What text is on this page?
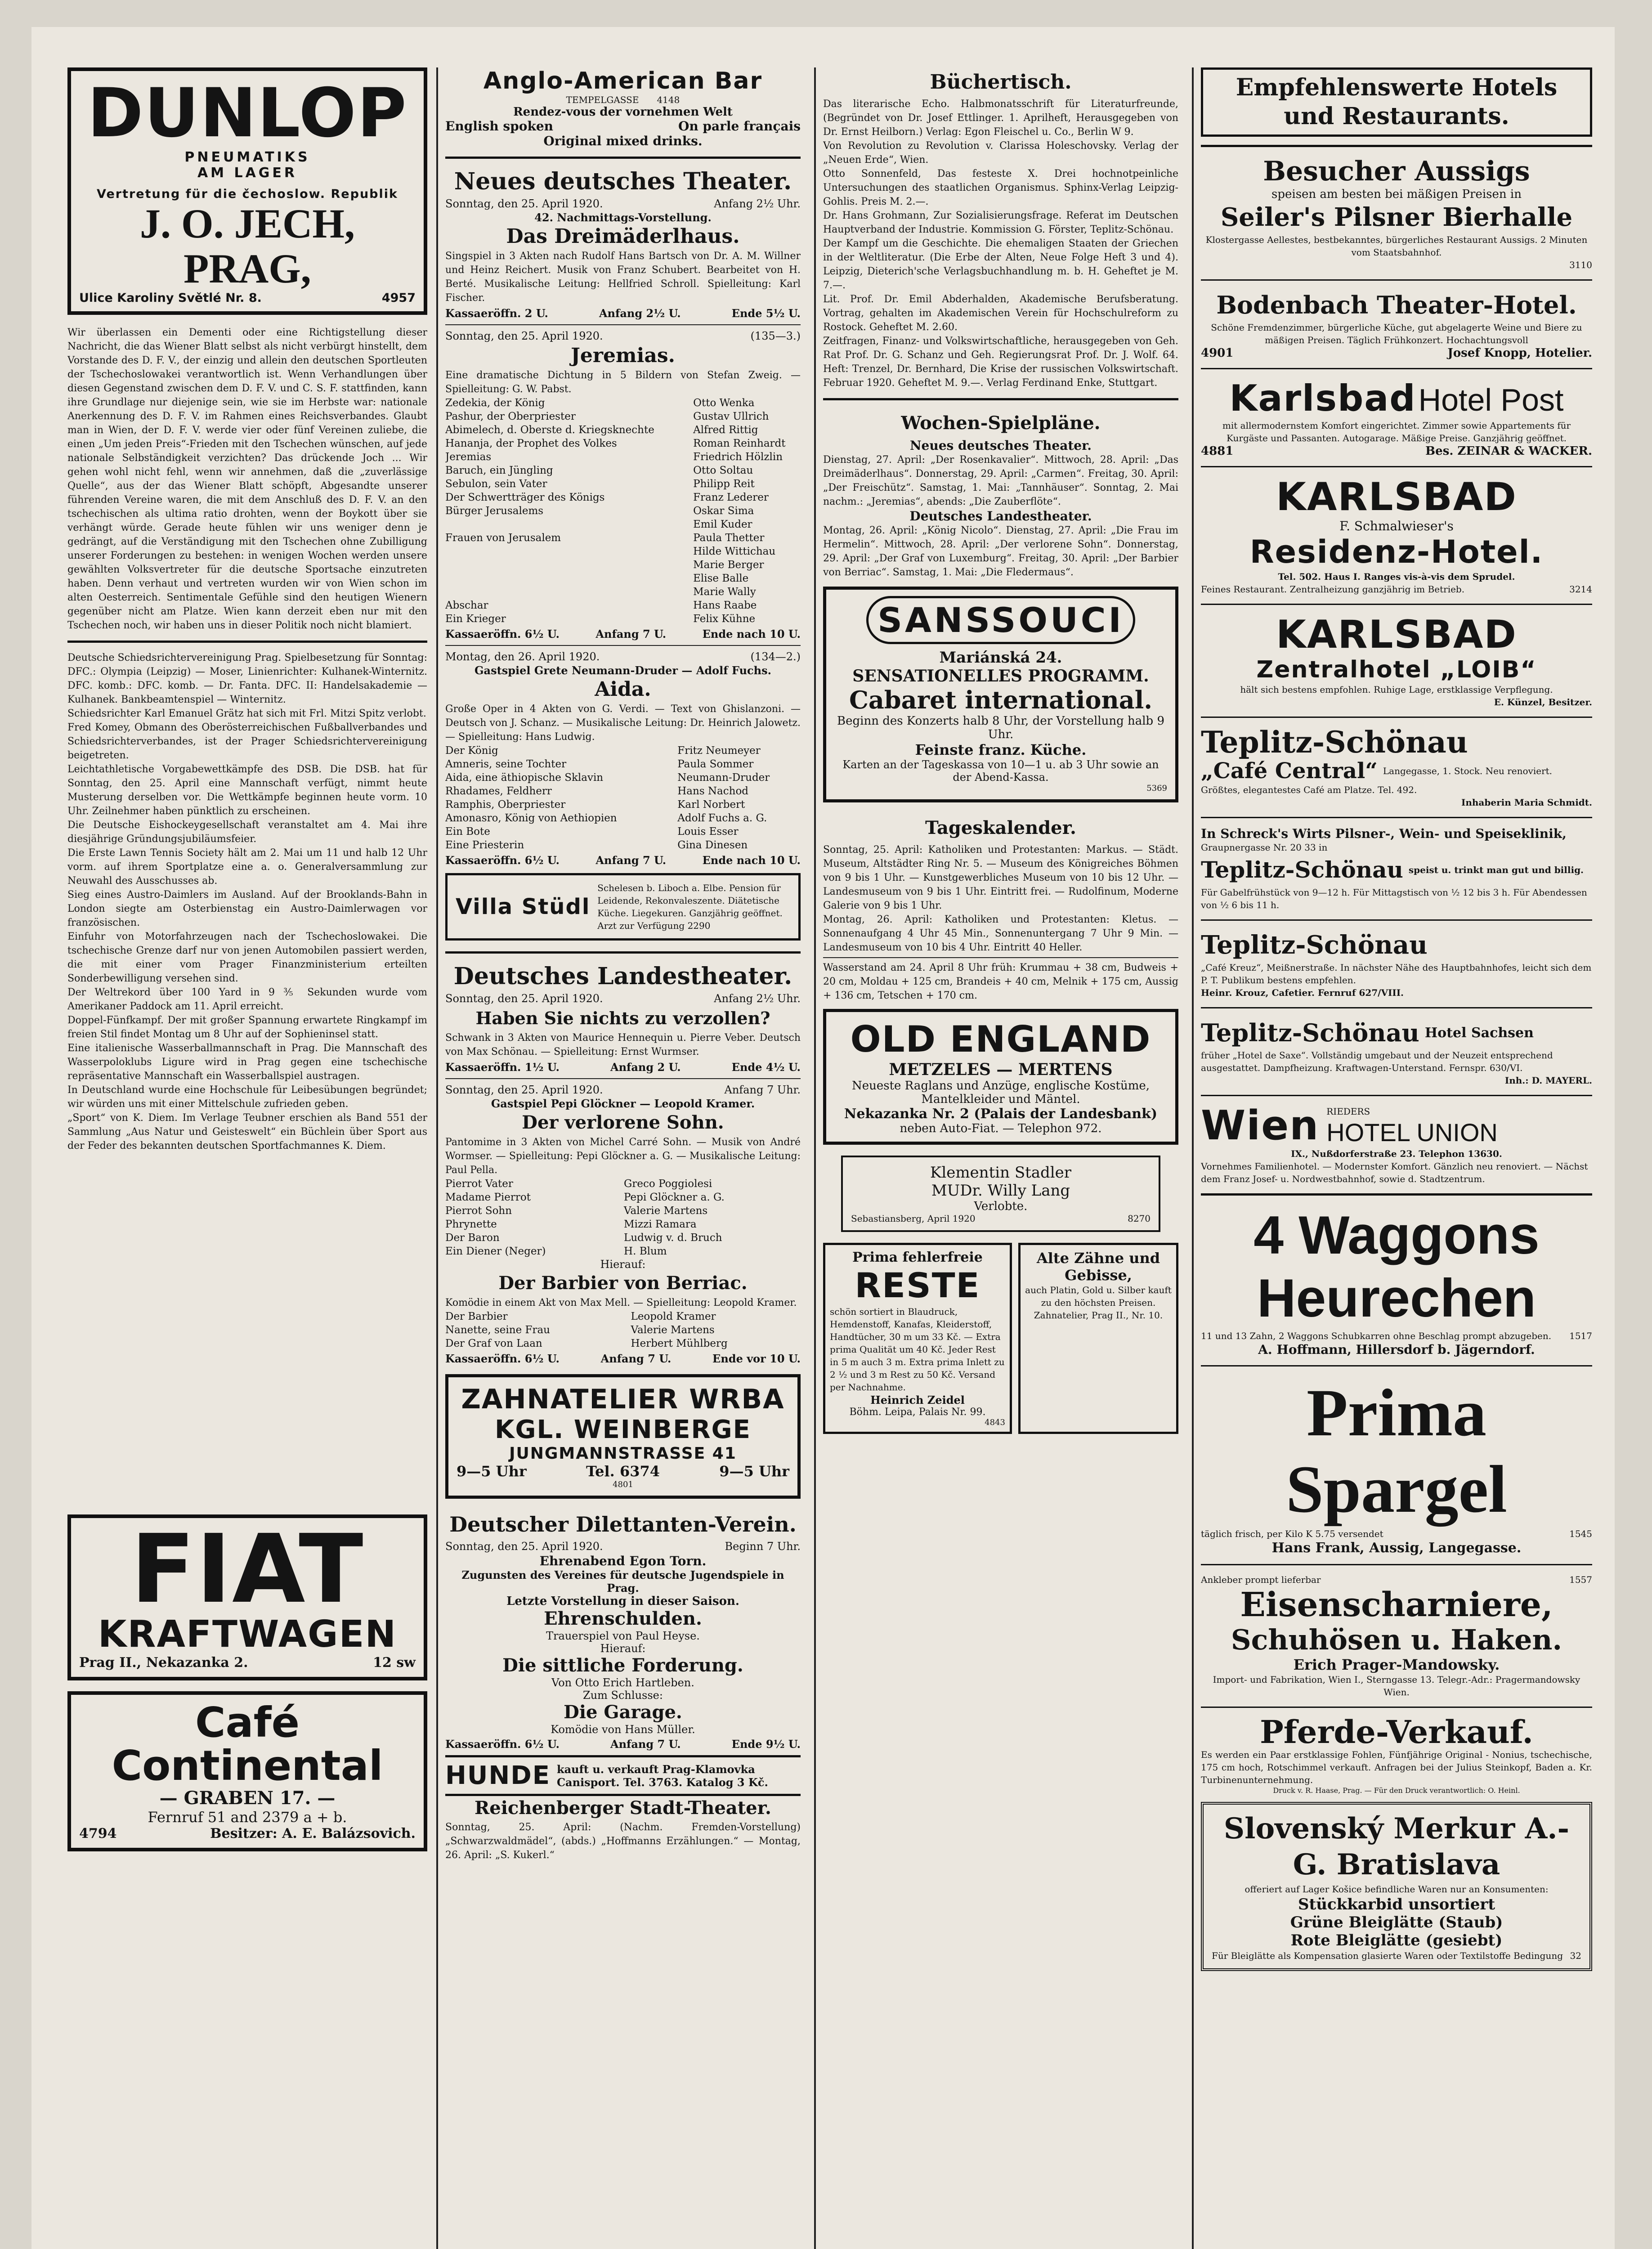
DUNLOP
PNEUMATIKS
AM LAGER
Vertretung für die čechoslow. Republik
J. O. JECH, PRAG,
Ulice Karoliny Světlé Nr. 8.	4957
Wir überlassen ein Dementi oder eine Richtigstellung dieser Nachricht, die das Wiener Blatt selbst als nicht verbürgt hinstellt, dem Vorstande des D. F. V., der einzig und allein den deutschen Sportleuten der Tschechoslowakei verantwortlich ist. Wenn Verhandlungen über diesen Gegenstand zwischen dem D. F. V. und C. S. F. stattfinden, kann ihre Grundlage nur diejenige sein, wie sie im Herbste war: nationale Anerkennung des D. F. V. im Rahmen eines Reichsverbandes. Glaubt man in Wien, der D. F. V. werde vier oder fünf Vereinen zuliebe, die einen „Um jeden Preis“-Frieden mit den Tschechen wünschen, auf jede nationale Selbständigkeit verzichten? Das drückende Joch ... Wir gehen wohl nicht fehl, wenn wir annehmen, daß die „zuverlässige Quelle“, aus der das Wiener Blatt schöpft, Abgesandte unserer führenden Vereine waren, die mit dem Anschluß des D. F. V. an den tschechischen als ultima ratio drohten, wenn der Boykott über sie verhängt würde. Gerade heute fühlen wir uns weniger denn je gedrängt, auf die Verständigung mit den Tschechen ohne Zubilligung unserer Forderungen zu bestehen: in wenigen Wochen werden unsere gewählten Volksvertreter für die deutsche Sportsache einzutreten haben. Denn verhaut und vertreten wurden wir von Wien schon im alten Oesterreich. Sentimentale Gefühle sind den heutigen Wienern gegenüber nicht am Platze. Wien kann derzeit eben nur mit den Tschechen noch, wir haben uns in dieser Politik noch nicht blamiert.
Deutsche Schiedsrichtervereinigung Prag. Spielbesetzung für Sonntag: DFC.: Olympia (Leipzig) — Moser, Linienrichter: Kulhanek-Winternitz. DFC. komb.: DFC. komb. — Dr. Fanta. DFC. II: Handelsakademie — Kulhanek. Bankbeamtenspiel — Winternitz.
Schiedsrichter Karl Emanuel Grätz hat sich mit Frl. Mitzi Spitz verlobt.
Fred Komey, Obmann des Oberösterreichischen Fußballverbandes und Schiedsrichterverbandes, ist der Prager Schiedsrichtervereinigung beigetreten.
Leichtathletische Vorgabewettkämpfe des DSB. Die DSB. hat für Sonntag, den 25. April eine Mannschaft verfügt, nimmt heute Musterung derselben vor. Die Wettkämpfe beginnen heute vorm. 10 Uhr. Zeilnehmer haben pünktlich zu erscheinen.
Die Deutsche Eishockeygesellschaft veranstaltet am 4. Mai ihre diesjährige Gründungsjubiläumsfeier.
Die Erste Lawn Tennis Society hält am 2. Mai um 11 und halb 12 Uhr vorm. auf ihrem Sportplatze eine a. o. Generalversammlung zur Neuwahl des Ausschusses ab.
Sieg eines Austro-Daimlers im Ausland. Auf der Brooklands-Bahn in London siegte am Osterbienstag ein Austro-Daimlerwagen vor französischen.
Einfuhr von Motorfahrzeugen nach der Tschechoslowakei. Die tschechische Grenze darf nur von jenen Automobilen passiert werden, die mit einer vom Prager Finanzministerium erteilten Sonderbewilligung versehen sind.
Der Weltrekord über 100 Yard in 9 ⅗ Sekunden wurde vom Amerikaner Paddock am 11. April erreicht.
Doppel-Fünfkampf. Der mit großer Spannung erwartete Ringkampf im freien Stil findet Montag um 8 Uhr auf der Sophieninsel statt.
Eine italienische Wasserballmannschaft in Prag. Die Mannschaft des Wasserpoloklubs Ligure wird in Prag gegen eine tschechische repräsentative Mannschaft ein Wasserballspiel austragen.
In Deutschland wurde eine Hochschule für Leibesübungen begründet; wir würden uns mit einer Mittelschule zufrieden geben.
„Sport“ von K. Diem. Im Verlage Teubner erschien als Band 551 der Sammlung „Aus Natur und Geisteswelt“ ein Büchlein über Sport aus der Feder des bekannten deutschen Sportfachmannes K. Diem.
FIAT
KRAFTWAGEN
Prag II., Nekazanka 2.	12 sw
Café Continental
— GRABEN 17. —
Fernruf 51 and 2379 a + b.
4794	Besitzer: A. E. Balázsovich.
Anglo-American Bar
TEMPELGASSE 4148
Rendez-vous der vornehmen Welt
English spoken	On parle français
Original mixed drinks.
Neues deutsches Theater.
Sonntag, den 25. April 1920.	Anfang 2½ Uhr.
42. Nachmittags-Vorstellung.
Das Dreimäderlhaus.
Singspiel in 3 Akten nach Rudolf Hans Bartsch von Dr. A. M. Willner und Heinz Reichert. Musik von Franz Schubert. Bearbeitet von H. Berté. Musikalische Leitung: Hellfried Schroll. Spielleitung: Karl Fischer.
Kassaeröffn. 2 U.	Anfang 2½ U.	Ende 5½ U.
Sonntag, den 25. April 1920.	(135—3.)
Jeremias.
Eine dramatische Dichtung in 5 Bildern von Stefan Zweig. — Spielleitung: G. W. Pabst.
Zedekia, der König	Otto Wenka
Pashur, der Oberpriester	Gustav Ullrich
Abimelech, d. Oberste d. Kriegsknechte	Alfred Rittig
Hananja, der Prophet des Volkes	Roman Reinhardt
Jeremias	Friedrich Hölzlin
Baruch, ein Jüngling	Otto Soltau
Sebulon, sein Vater	Philipp Reit
Der Schwertträger des Königs	Franz Lederer
Bürger Jerusalems	Oskar Sima
	Emil Kuder
Frauen von Jerusalem	Paula Thetter
	Hilde Wittichau
	Marie Berger
	Elise Balle
	Marie Wally
Abschar	Hans Raabe
Ein Krieger	Felix Kühne
Kassaeröffn. 6½ U.	Anfang 7 U.	Ende nach 10 U.
Montag, den 26. April 1920.	(134—2.)
Gastspiel Grete Neumann-Druder — Adolf Fuchs.
Aida.
Große Oper in 4 Akten von G. Verdi. — Text von Ghislanzoni. — Deutsch von J. Schanz. — Musikalische Leitung: Dr. Heinrich Jalowetz. — Spielleitung: Hans Ludwig.
Der König	Fritz Neumeyer
Amneris, seine Tochter	Paula Sommer
Aida, eine äthiopische Sklavin	Neumann-Druder
Rhadames, Feldherr	Hans Nachod
Ramphis, Oberpriester	Karl Norbert
Amonasro, König von Aethiopien	Adolf Fuchs a. G.
Ein Bote	Louis Esser
Eine Priesterin	Gina Dinesen
Kassaeröffn. 6½ U.	Anfang 7 U.	Ende nach 10 U.
Villa Stüdl
Schelesen b. Liboch a. Elbe. Pension für Leidende, Rekonvaleszente. Diätetische Küche. Liegekuren. Ganzjährig geöffnet. Arzt zur Verfügung 2290
Deutsches Landestheater.
Sonntag, den 25. April 1920.	Anfang 2½ Uhr.
Haben Sie nichts zu verzollen?
Schwank in 3 Akten von Maurice Hennequin u. Pierre Veber. Deutsch von Max Schönau. — Spielleitung: Ernst Wurmser.
Kassaeröffn. 1½ U.	Anfang 2 U.	Ende 4½ U.
Sonntag, den 25. April 1920.	Anfang 7 Uhr.
Gastspiel Pepi Glöckner — Leopold Kramer.
Der verlorene Sohn.
Pantomime in 3 Akten von Michel Carré Sohn. — Musik von André Wormser. — Spielleitung: Pepi Glöckner a. G. — Musikalische Leitung: Paul Pella.
Pierrot Vater	Greco Poggiolesi
Madame Pierrot	Pepi Glöckner a. G.
Pierrot Sohn	Valerie Martens
Phrynette	Mizzi Ramara
Der Baron	Ludwig v. d. Bruch
Ein Diener (Neger)	H. Blum
Hierauf:
Der Barbier von Berriac.
Komödie in einem Akt von Max Mell. — Spielleitung: Leopold Kramer.
Der Barbier	Leopold Kramer
Nanette, seine Frau	Valerie Martens
Der Graf von Laan	Herbert Mühlberg
Kassaeröffn. 6½ U.	Anfang 7 U.	Ende vor 10 U.
ZAHNATELIER WRBA
KGL. WEINBERGE
JUNGMANNSTRASSE 41
9—5 Uhr	Tel. 6374	9—5 Uhr
4801
Deutscher Dilettanten-Verein.
Sonntag, den 25. April 1920.	Beginn 7 Uhr.
Ehrenabend Egon Torn.
Zugunsten des Vereines für deutsche Jugendspiele in Prag.
Letzte Vorstellung in dieser Saison.
Ehrenschulden.
Trauerspiel von Paul Heyse.
Hierauf:
Die sittliche Forderung.
Von Otto Erich Hartleben.
Zum Schlusse:
Die Garage.
Komödie von Hans Müller.
Kassaeröffn. 6½ U.	Anfang 7 U.	Ende 9½ U.
HUNDE kauft u. verkauft Prag-Klamovka Canisport. Tel. 3763. Katalog 3 Kč.
Reichenberger Stadt-Theater.
Sonntag, 25. April: (Nachm. Fremden-Vorstellung) „Schwarzwaldmädel“, (abds.) „Hoffmanns Erzählungen.“ — Montag, 26. April: „S. Kukerl.“
Büchertisch.
Das literarische Echo. Halbmonatsschrift für Literaturfreunde, (Begründet von Dr. Josef Ettlinger. 1. Aprilheft, Herausgegeben von Dr. Ernst Heilborn.) Verlag: Egon Fleischel u. Co., Berlin W 9.
Von Revolution zu Revolution v. Clarissa Holeschovsky. Verlag der „Neuen Erde“, Wien.
Otto Sonnenfeld, Das festeste X. Drei hochnotpeinliche Untersuchungen des staatlichen Organismus. Sphinx-Verlag Leipzig-Gohlis. Preis M. 2.—.
Dr. Hans Grohmann, Zur Sozialisierungsfrage. Referat im Deutschen Hauptverband der Industrie. Kommission G. Förster, Teplitz-Schönau.
Der Kampf um die Geschichte. Die ehemaligen Staaten der Griechen in der Weltliteratur. (Die Erbe der Alten, Neue Folge Heft 3 und 4). Leipzig, Dieterich'sche Verlagsbuchhandlung m. b. H. Geheftet je M. 7.—.
Lit. Prof. Dr. Emil Abderhalden, Akademische Berufsberatung. Vortrag, gehalten im Akademischen Verein für Hochschulreform zu Rostock. Geheftet M. 2.60.
Zeitfragen, Finanz- und Volkswirtschaftliche, herausgegeben von Geh. Rat Prof. Dr. G. Schanz und Geh. Regierungsrat Prof. Dr. J. Wolf. 64. Heft: Trenzel, Dr. Bernhard, Die Krise der russischen Volkswirtschaft. Februar 1920. Geheftet M. 9.—. Verlag Ferdinand Enke, Stuttgart.
Wochen-Spielpläne.
Neues deutsches Theater.
Dienstag, 27. April: „Der Rosenkavalier“. Mittwoch, 28. April: „Das Dreimäderlhaus“. Donnerstag, 29. April: „Carmen“. Freitag, 30. April: „Der Freischütz“. Samstag, 1. Mai: „Tannhäuser“. Sonntag, 2. Mai nachm.: „Jeremias“, abends: „Die Zauberflöte“.
Deutsches Landestheater.
Montag, 26. April: „König Nicolo“. Dienstag, 27. April: „Die Frau im Hermelin“. Mittwoch, 28. April: „Der verlorene Sohn“. Donnerstag, 29. April: „Der Graf von Luxemburg“. Freitag, 30. April: „Der Barbier von Berriac“. Samstag, 1. Mai: „Die Fledermaus“.
SANSSOUCI
Mariánská 24.
SENSATIONELLES PROGRAMM.
Cabaret international.
Beginn des Konzerts halb 8 Uhr, der Vorstellung halb 9 Uhr.
Feinste franz. Küche.
Karten an der Tageskassa von 10—1 u. ab 3 Uhr sowie an der Abend-Kassa.
5369
Tageskalender.
Sonntag, 25. April: Katholiken und Protestanten: Markus. — Städt. Museum, Altstädter Ring Nr. 5. — Museum des Königreiches Böhmen von 9 bis 1 Uhr. — Kunstgewerbliches Museum von 10 bis 12 Uhr. — Landesmuseum von 9 bis 1 Uhr. Eintritt frei. — Rudolfinum, Moderne Galerie von 9 bis 1 Uhr.
Montag, 26. April: Katholiken und Protestanten: Kletus. — Sonnenaufgang 4 Uhr 45 Min., Sonnenuntergang 7 Uhr 9 Min. — Landesmuseum von 10 bis 4 Uhr. Eintritt 40 Heller.
Wasserstand am 24. April 8 Uhr früh: Krummau + 38 cm, Budweis + 20 cm, Moldau + 125 cm, Brandeis + 40 cm, Melnik + 175 cm, Aussig + 136 cm, Tetschen + 170 cm.
OLD ENGLAND
METZELES — MERTENS
Neueste Raglans und Anzüge, englische Kostüme, Mantelkleider und Mäntel.
Nekazanka Nr. 2 (Palais der Landesbank)
neben Auto-Fiat. — Telephon 972.
Klementin Stadler
MUDr. Willy Lang
Verlobte.
Sebastiansberg, April 1920	8270
Prima fehlerfreie
RESTE
schön sortiert in Blaudruck, Hemdenstoff, Kanafas, Kleiderstoff, Handtücher, 30 m um 33 Kč. — Extra prima Qualität um 40 Kč. Jeder Rest in 5 m auch 3 m. Extra prima Inlett zu 2 ½ und 3 m Rest zu 50 Kč. Versand per Nachnahme.
Heinrich Zeidel
Böhm. Leipa, Palais Nr. 99.
4843
Alte Zähne und Gebisse,
auch Platin, Gold u. Silber kauft zu den höchsten Preisen. Zahnatelier, Prag II., Nr. 10.
Empfehlenswerte Hotels und Restaurants.
Besucher Aussigs
speisen am besten bei mäßigen Preisen in
Seiler's Pilsner Bierhalle
Klostergasse Aellestes, bestbekanntes, bürgerliches Restaurant Aussigs. 2 Minuten vom Staatsbahnhof.
3110
Bodenbach Theater-Hotel.
Schöne Fremdenzimmer, bürgerliche Küche, gut abgelagerte Weine und Biere zu mäßigen Preisen. Täglich Frühkonzert. Hochachtungsvoll
4901	Josef Knopp, Hotelier.
Karlsbad Hotel Post
mit allermodernstem Komfort eingerichtet. Zimmer sowie Appartements für Kurgäste und Passanten. Autogarage. Mäßige Preise. Ganzjährig geöffnet.
4881	Bes. ZEINAR & WACKER.
KARLSBAD
F. Schmalwieser's
Residenz-Hotel.
Tel. 502. Haus I. Ranges vis-à-vis dem Sprudel.
Feines Restaurant. Zentralheizung ganzjährig im Betrieb.	3214
KARLSBAD
Zentralhotel „LOIB“
hält sich bestens empfohlen. Ruhige Lage, erstklassige Verpflegung.
E. Künzel, Besitzer.
Teplitz-Schönau
„Café Central“ Langegasse, 1. Stock. Neu renoviert.
Größtes, elegantestes Café am Platze. Tel. 492.
Inhaberin Maria Schmidt.
In Schreck's Wirts Pilsner-, Wein- und Speiseklinik,
Graupnergasse Nr. 20 33 in
Teplitz-Schönau speist u. trinkt man gut und billig.
Für Gabelfrühstück von 9—12 h. Für Mittagstisch von ½ 12 bis 3 h. Für Abendessen von ½ 6 bis 11 h.
Teplitz-Schönau
„Café Kreuz“, Meißnerstraße. In nächster Nähe des Hauptbahnhofes, leicht sich dem P. T. Publikum bestens empfehlen.
Heinr. Krouz, Cafetier. Fernruf 627/VIII.
Teplitz-Schönau Hotel Sachsen
früher „Hotel de Saxe“. Vollständig umgebaut und der Neuzeit entsprechend ausgestattet. Dampfheizung. Kraftwagen-Unterstand. Fernspr. 630/VI.
Inh.: D. MAYERL.
Wien RIEDERS
HOTEL UNION
IX., Nußdorferstraße 23. Telephon 13630.
Vornehmes Familienhotel. — Modernster Komfort. Gänzlich neu renoviert. — Nächst dem Franz Josef- u. Nordwestbahnhof, sowie d. Stadtzentrum.
4 Waggons Heurechen
11 und 13 Zahn, 2 Waggons Schubkarren ohne Beschlag prompt abzugeben. 1517
A. Hoffmann, Hillersdorf b. Jägerndorf.
Prima Spargel
täglich frisch, per Kilo K 5.75 versendet	1545
Hans Frank, Aussig, Langegasse.
Ankleber prompt lieferbar	1557
Eisenscharniere,
Schuhösen u. Haken.
Erich Prager-Mandowsky.
Import- und Fabrikation, Wien I., Sterngasse 13. Telegr.-Adr.: Pragermandowsky Wien.
Pferde-Verkauf.
Es werden ein Paar erstklassige Fohlen, Fünfjährige Original - Nonius, tschechische, 175 cm hoch, Rotschimmel verkauft. Anfragen bei der Julius Steinkopf, Baden a. Kr. Turbinenunternehmung.
Druck v. R. Haase, Prag. — Für den Druck verantwortlich: O. Heinl.
Slovenský Merkur A.-G. Bratislava
offeriert auf Lager Košice befindliche Waren nur an Konsumenten:
Stückkarbid unsortiert
Grüne Bleiglätte (Staub)
Rote Bleiglätte (gesiebt)
Für Bleiglätte als Kompensation glasierte Waren oder Textilstoffe Bedingung 32
